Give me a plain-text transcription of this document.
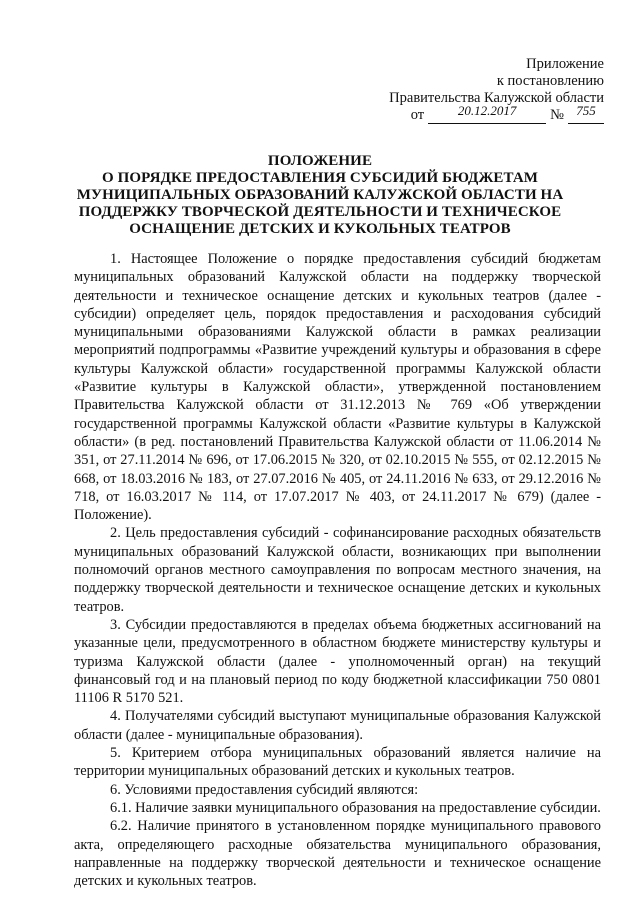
Приложение
к постановлению
Правительства Калужской области
от	20.12.2017	№ 755
ПОЛОЖЕНИЕ
О ПОРЯДКЕ ПРЕДОСТАВЛЕНИЯ СУБСИДИЙ БЮДЖЕТАМ
МУНИЦИПАЛЬНЫХ ОБРАЗОВАНИЙ КАЛУЖСКОЙ ОБЛАСТИ НА
ПОДДЕРЖКУ ТВОРЧЕСКОЙ ДЕЯТЕЛЬНОСТИ И ТЕХНИЧЕСКОЕ
ОСНАЩЕНИЕ ДЕТСКИХ И КУКОЛЬНЫХ ТЕАТРОВ

1. Настоящее Положение о порядке предоставления субсидий бюджетам муниципальных образований Калужской области на поддержку творческой деятельности и техническое оснащение детских и кукольных театров (далее - субсидии) определяет цель, порядок предоставления и расходования субсидий муниципальными образованиями Калужской области в рамках реализации мероприятий подпрограммы «Развитие учреждений культуры и образования в сфере культуры Калужской области» государственной программы Калужской области «Развитие культуры в Калужской области», утвержденной постановлением Правительства Калужской области от 31.12.2013 № 769 «Об утверждении государственной программы Калужской области «Развитие культуры в Калужской области» (в ред. постановлений Правительства Калужской области от 11.06.2014 № 351, от 27.11.2014 № 696, от 17.06.2015 № 320, от 02.10.2015 № 555, от 02.12.2015 № 668, от 18.03.2016 № 183, от 27.07.2016 № 405, от 24.11.2016 № 633, от 29.12.2016 № 718, от 16.03.2017 № 114, от 17.07.2017 № 403, от 24.11.2017 № 679) (далее - Положение).

2. Цель предоставления субсидий - софинансирование расходных обязательств муниципальных образований Калужской области, возникающих при выполнении полномочий органов местного самоуправления по вопросам местного значения, на поддержку творческой деятельности и техническое оснащение детских и кукольных театров.

3. Субсидии предоставляются в пределах объема бюджетных ассигнований на указанные цели, предусмотренного в областном бюджете министерству культуры и туризма Калужской области (далее - уполномоченный орган) на текущий финансовый год и на плановый период по коду бюджетной классификации 750 0801 11106 R 5170 521.

4. Получателями субсидий выступают муниципальные образования Калужской области (далее - муниципальные образования).

5. Критерием отбора муниципальных образований является наличие на территории муниципальных образований детских и кукольных театров.

6. Условиями предоставления субсидий являются:

6.1. Наличие заявки муниципального образования на предоставление субсидии.

6.2. Наличие принятого в установленном порядке муниципального правового акта, определяющего расходные обязательства муниципального образования, направленные на поддержку творческой деятельности и техническое оснащение детских и кукольных театров.
